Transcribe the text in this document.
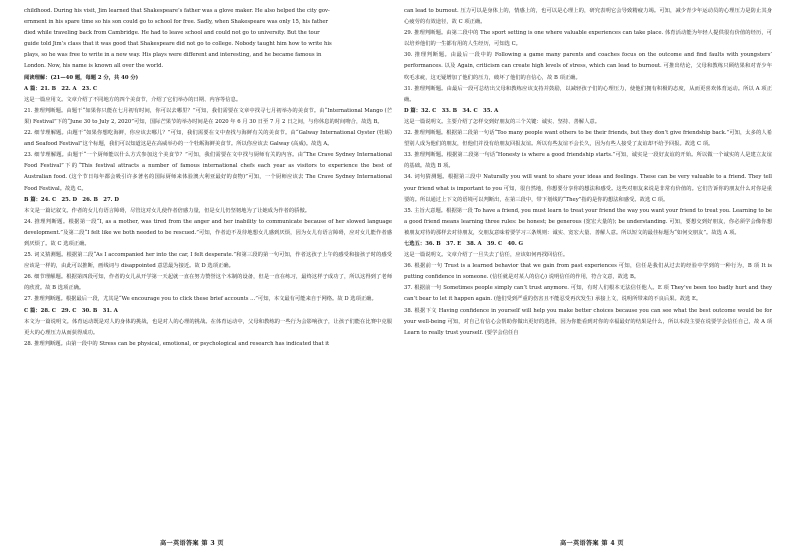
childhood. During his visit, Jim learned that Shakespeare’s father was a glove maker. He also helped the city gov-

ernment in his spare time so his son could go to school for free. Sadly, when Shakespeare was only 15, his father

died while traveling back from Cambridge. He had to leave school and could not go to university. But the tour

guide told Jim’s class that it was good that Shakespeare did not go to college. Nobody taught him how to write his

plays, so he was free to write in a new way. His plays were different and interesting, and he became famous in

London. Now, his name is known all over the world.

阅读理解：(21—40 题，每题 2 分，共 40 分)

A 篇：21. B　22. A　23. C

这是一篇应用文。文章介绍了不同地方的四个美食节，介绍了它们举办的日期、内容等信息。

21. 推理判断题。由题干“如果你只能在七月初有时间，你可以去哪里？”可知，我们需要在文章中找寻七月初举办的美食节。由“International Mango (芒果) Festival”下的“June 30 to July 2, 2020”可知，国际芒果节的举办时间是在 2020 年 6 月 30 日至 7 月 2 日之间，与你休息的时间吻合，故选 B。

22. 细节理解题。由题干“如果你想吃海鲜，你应该去哪儿？”可知，我们需要在文中查找与海鲜有关的美食节。由“Galway International Oyster (牡蛎) and Seafood Festival”这个标题，我们可以知道这是在高威举办的一个牡蛎海鲜美食节。所以你应该去 Galway (高威)。故选 A。

23. 细节理解题。由题干“一个厨师能以什么方式参加这个美食节？”可知，我们需要在文中找与厨师有关的内容。由“The Crave Sydney International Food Festival”下的“This festival attracts a number of famous international chefs each year as visitors to experience the best of Australian food. (这个节日每年都会吸引许多著名的国际厨师来体验澳大利亚最好的食物)”可知，一个厨师应该去 The Crave Sydney International Food Festival。故选 C。

B 篇：24. C　25. D　26. B　27. D

本文是一篇记叙文。作者的女儿有语言障碍，尽管这对女儿使作者倍感力量，但是女儿仍坚韧地为了让她成为作者的骄傲。

24. 推理判断题。根据第一段“I, as a mother, was tired from the anger and her inability to communicate because of her slowed language development.”及第二段“I felt like we both needed to be rescued.”可知，作者迫不及待地想女儿感到厌烦，因为女儿有语言障碍，应对女儿能作者感到厌烦了。故 C 选项正确。

25. 词义猜测题。根据第二段“As I accompanied her into the car, I felt desperate.”和第三段的第一句可知，作者这孩子上午的感受和接孩子时的感受应该是一样的，由此可以推断，画线词与 disappointed 意思最为接近。故 D 选项正确。

26. 细节理解题。根据第四段可知，作者的女儿从开学第一天起就一直在努力赞誉这个木制的设备，但是一直在练习，最终这样子成功了，所以这得到了老师的欣赏。故 B 选项正确。

27. 推理判断题。根据最后一段，尤其是“We encourage you to click these brief accounts ...”可知，本文最有可能来自于网络。故 D 选项正确。

C 篇：28. C　29. C　30. B　31. A

本文为一篇说明文。体育运动既是对人的身体的挑战，也是对人的心理的挑战。在体育运动中，父母和教练的一些行为会影响孩子，让孩子们能在比赛中克服更大的心理压力从而获得成功。

28. 推理判断题。由第一段中的 Stress can be physical, emotional, or psychological and research has indicated that it

can lead to burnout. 压力可以是身体上的，情感上的，也可以是心理上的，研究表明它会导致精疲力竭。可知，减少青少年运动员的心理压力是防止其身心疲劳的有效途径，故 C 项正确。

29. 推理判断题。由第二段中的 The sport setting is one where valuable experiences can take place. 体育活动能为年轻人提供很有价值的经历，可以培养他们的一生都有用的人生经历，可知选 C。

30. 推理判断题。由最后一段中的 Following a game many parents and coaches focus on the outcome and find faults with youngsters’ performances. 以及 Again, criticism can create high levels of stress, which can lead to burnout. 可推出结论，父母和教练只顾结果和对青少年吹毛求疵，这无疑增加了他们的压力，破坏了他们的自信心，故 B 项正确。

31. 推理判断题。由最后一段可总结出父母和教练应该支持并鼓励，以减轻孩子们的心理压力，使他们拥有积极的态度，从而更喜欢体育运动。所以 A 项正确。

D 篇：32. C　33. B　34. C　35. A

这是一篇说明文。主要介绍了怎样交到好朋友的三个关键：诚实、坚持、善解人意。

32. 推理判断题。根据第二段第一句话“Too many people want others to be their friends, but they don’t give friendship back.”可知，太多的人希望别人成为他们的朋友，但他们并没有给朋友回报友谊。所以有些友谊不会长久，因为有些人接受了友谊却不给予回报。故选 C 项。

33. 推理判断题。根据第二段第一句话“Honesty is where a good friendship starts.”可知，诚实是一段好友谊的开始。所以做一个诚实的人是建立友谊的基础。故选 B 项。

34. 词句猜测题。根据第三段中 Naturally you will want to share your ideas and feelings. These can be very valuable to a friend. They tell your friend what is important to you 可知，很自然地，你想要分享你的想法和感受。这些对朋友来说是非常有价值的。它们告诉你的朋友什么对你是重要的。所以通过上下文的语境可以判断出，在第三段中，带下划线的“They”指的是你的想法和感受。故选 C 项。

35. 主旨大意题。根据第一段 To have a friend, you must learn to treat your friend the way you want your friend to treat you. Learning to be a good friend means learning three rules: be honest; be generous (宽宏大量的); be understanding. 可知，要想交到好朋友，你必须学会像你想被朋友对待的那样去对待朋友，交朋友意味着要学习三条规则：诚实、宽宏大量、善解人意。所以短文的最佳标题为“如何交朋友”。故选 A 项。

七选五：36. B　37. E　38. A　39. C　40. G

这是一篇说明文。文章介绍了一旦失去了信任，应该如何再找回信任。

36. 根据前一句 Trust is a learned behavior that we gain from past experiences 可知，信任是我们从过去的经验中学到的一种行为，B 项 It is putting confidence in someone. (信任就是对某人的信心) 说明信任的作用，符合文意，故选 B。

37. 根据前一句 Sometimes people simply can’t trust anymore. 可知，有时人们根本无法信任他人。E 项 They’ve been too badly hurt and they can’t bear to let it happen again. (他们受到严重的伤害且不能忍受再次发生) 承接上文，说明所带来的不良后果。故选 E。

38. 根据下文 Having confidence in yourself will help you make better choices because you can see what the best outcome would be for your well-being 可知，对自己有信心会帮助你做出更好的选择，因为你能看到对你的幸福最好的结果是什么，所以本段主要在说要学会信任自己，故 A 项 Learn to really trust yourself. (要学会信任自

高一英语答案 第 3 页	高一英语答案 第 4 页
